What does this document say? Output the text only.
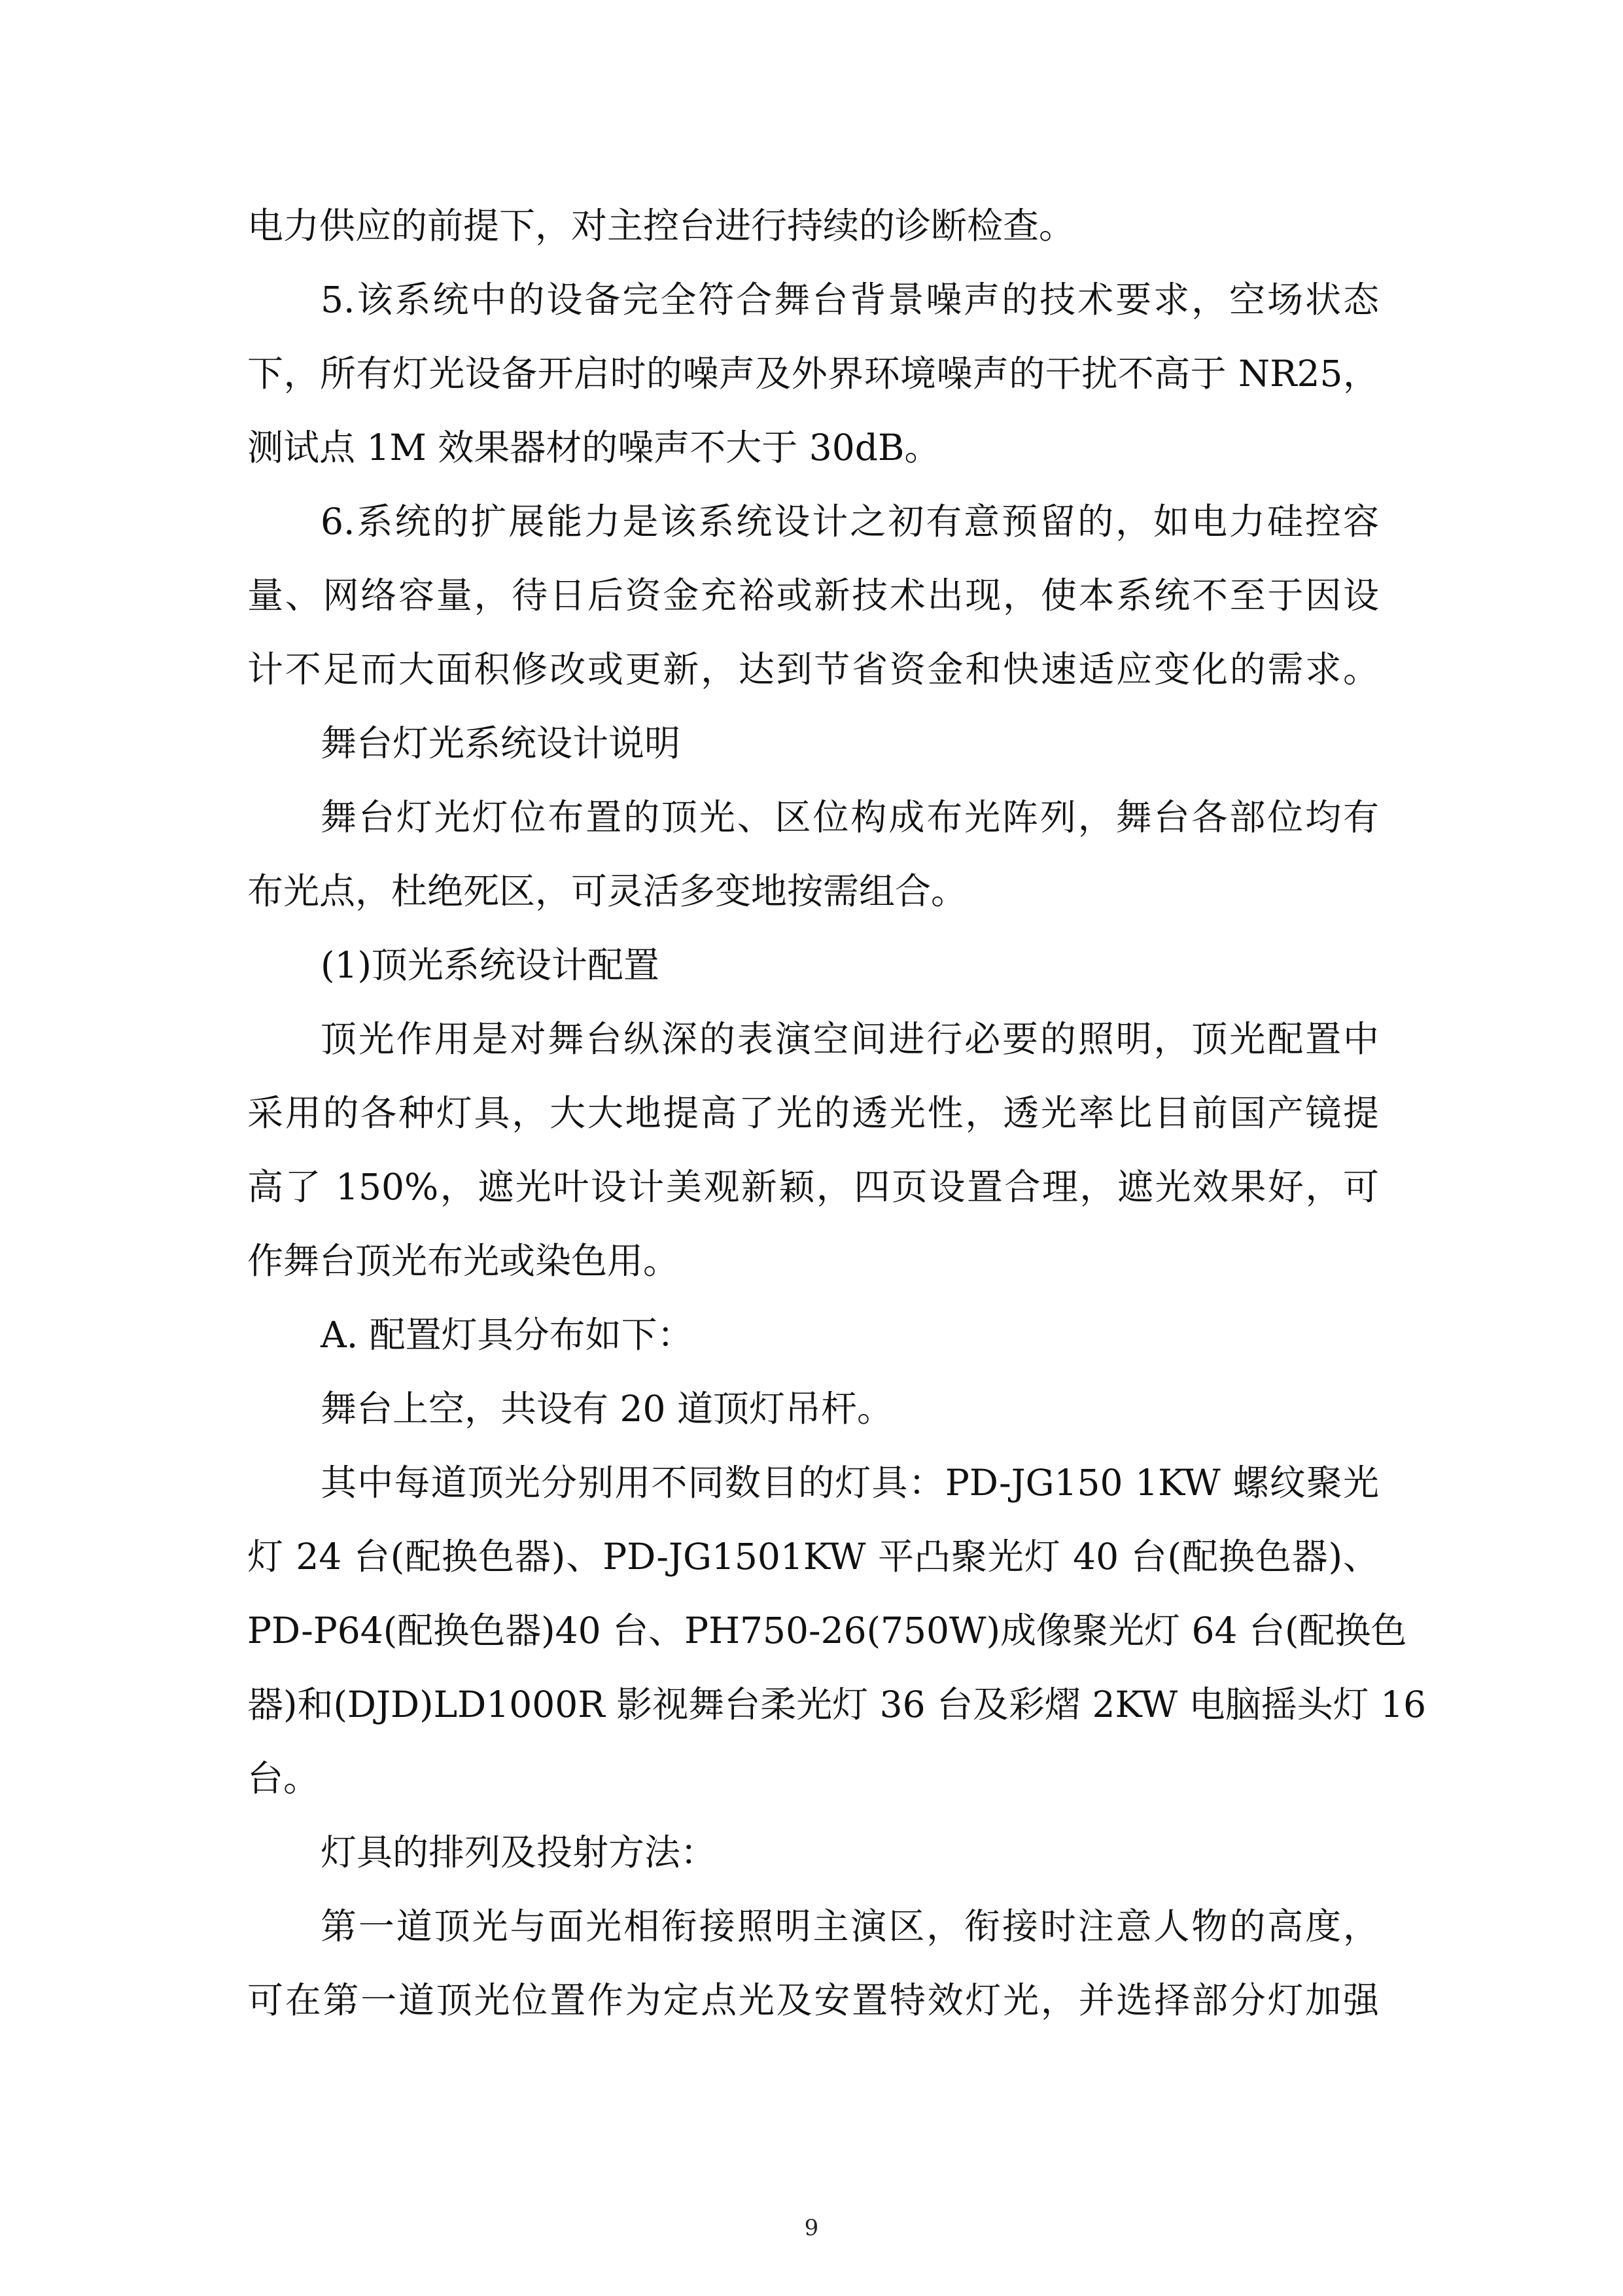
电力供应的前提下，对主控台进行持续的诊断检查。
5.该系统中的设备完全符合舞台背景噪声的技术要求，空场状态
下，所有灯光设备开启时的噪声及外界环境噪声的干扰不高于 NR25，
测试点 1M 效果器材的噪声不大于 30dB。
6.系统的扩展能力是该系统设计之初有意预留的，如电力硅控容
量、网络容量，待日后资金充裕或新技术出现，使本系统不至于因设
计不足而大面积修改或更新，达到节省资金和快速适应变化的需求。
舞台灯光系统设计说明
舞台灯光灯位布置的顶光、区位构成布光阵列，舞台各部位均有
布光点，杜绝死区，可灵活多变地按需组合。
(1)顶光系统设计配置
顶光作用是对舞台纵深的表演空间进行必要的照明，顶光配置中
采用的各种灯具，大大地提高了光的透光性，透光率比目前国产镜提
高了 150%，遮光叶设计美观新颖，四页设置合理，遮光效果好，可
作舞台顶光布光或染色用。
A. 配置灯具分布如下：
舞台上空，共设有 20 道顶灯吊杆。
其中每道顶光分别用不同数目的灯具：PD-JG150 1KW 螺纹聚光
灯 24 台(配换色器)、PD-JG1501KW 平凸聚光灯 40 台(配换色器)、
PD-P64(配换色器)40 台、PH750-26(750W)成像聚光灯 64 台(配换色
器)和(DJD)LD1000R 影视舞台柔光灯 36 台及彩熠 2KW 电脑摇头灯 16
台。
灯具的排列及投射方法：
第一道顶光与面光相衔接照明主演区，衔接时注意人物的高度，
可在第一道顶光位置作为定点光及安置特效灯光，并选择部分灯加强
9
